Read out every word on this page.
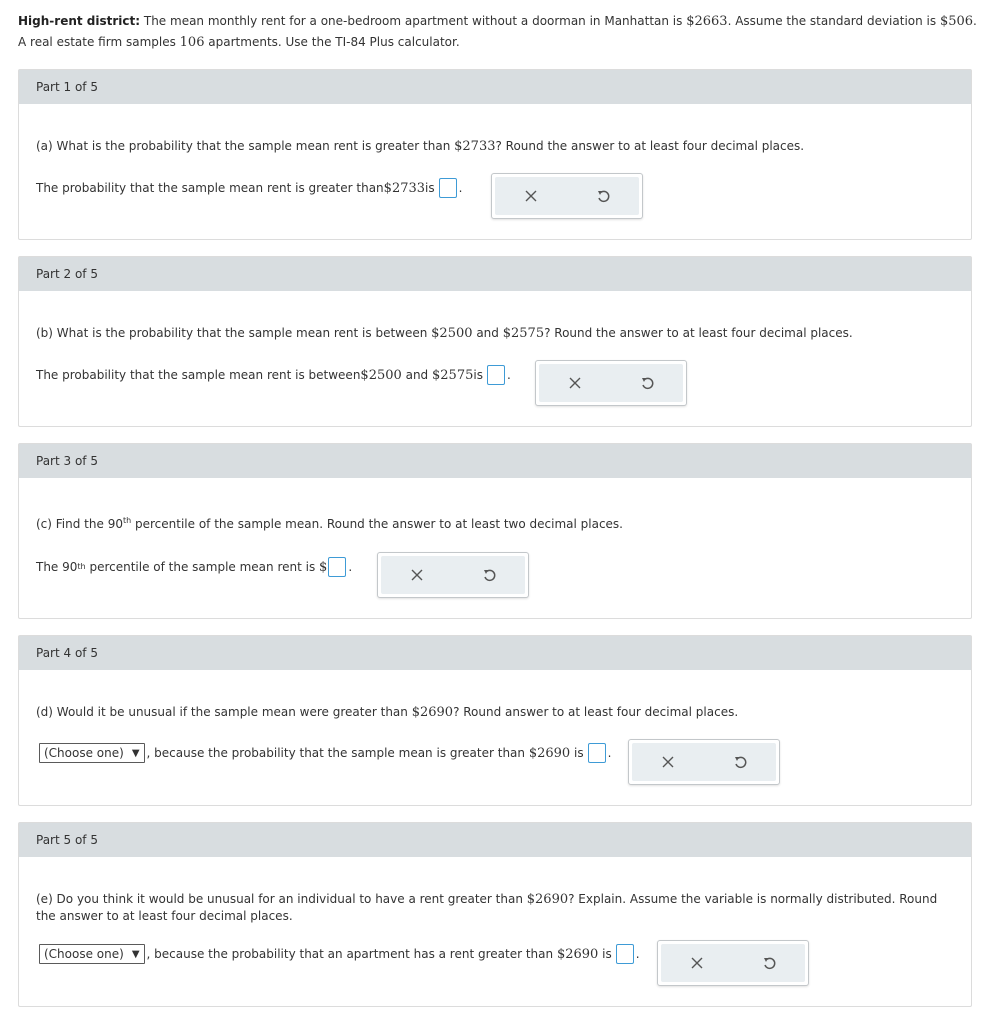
High-rent district: The mean monthly rent for a one-bedroom apartment without a doorman in Manhattan is $2663. Assume the standard deviation is $506. A real estate firm samples 106 apartments. Use the TI-84 Plus calculator.
Part 1 of 5
(a) What is the probability that the sample mean rent is greater than $2733? Round the answer to at least four decimal places.
The probability that the sample mean rent is greater than $2733 is .
Part 2 of 5
(b) What is the probability that the sample mean rent is between $2500 and $2575? Round the answer to at least four decimal places.
The probability that the sample mean rent is between $2500 and $2575 is .
Part 3 of 5
(c) Find the 90th percentile of the sample mean. Round the answer to at least two decimal places.
The 90 th percentile of the sample mean rent is $ .
Part 4 of 5
(d) Would it be unusual if the sample mean were greater than $2690? Round answer to at least four decimal places.
(Choose one) ▼ , because the probability that the sample mean is greater than $2690 is .
Part 5 of 5
(e) Do you think it would be unusual for an individual to have a rent greater than $2690? Explain. Assume the variable is normally distributed. Round the answer to at least four decimal places.
(Choose one) ▼ , because the probability that an apartment has a rent greater than $2690 is .
